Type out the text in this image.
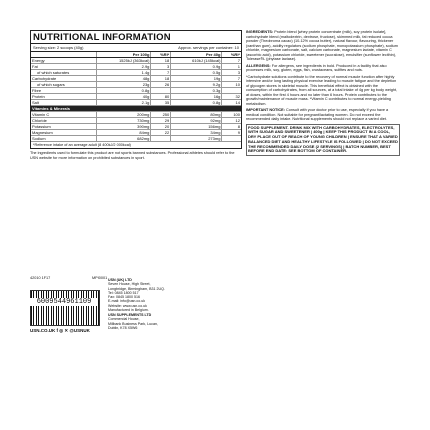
NUTRITIONAL INFORMATION
Serving size: 2 scoops (40g)	Approx. servings per container: 10
	Per 100g	%RI*	Per 40g	%RI*
Energy	1525kJ (363kcal)	18	610kJ (145kcal)	7
Fat	2.9g	3	0.9g	1
of which saturates	1.4g	7	0.5g	3
Carbohydrate	48g	18	19g	7
of which sugars	23g	26	9.2g	10
Fibre	0.8g		0.3g	
Protein	40g	80	16g	32
Salt	2.1g	35	0.8g	14
Vitamins & Minerals				
Vitamin C	200mg	250	80mg	100
Chloride	730mg	29	92mg	12
Potassium	390mg	20	156mg	8
Magnesium	84mg	22	34mg	9
Sodium	682mg		273mg	
*Reference intake of an average adult (8 400kJ/2 000kcal)
The ingredients used to formulate this product are not sports banned substances. Professional athletes should refer to the USN website for more information on prohibited substances in sport.
42010 1F17	MPI0001
6009544961109
USN (UK) LTD
Seven House, High Street,
Longbridge, Birmingham, B31 2UQ.
Tel: 0845 1800 517
Fax: 0845 1800 516
E-mail: info@usn.co.uk
Website: www.usn.co.uk
Manufactured in Belgium.
USN SUPPLEMENTS LTD
Commercial House,
Millbank Business Park, Lucan,
Dublin, K78 X5W6
USN.CO.UK f ◎ ✕ @USNUK

INGREDIENTS: Protein blend [whey protein concentrate (milk), soy protein isolate], carbohydrate blend (maltodextrin, dextrose, fructose), skimmed milk, fat reduced cocoa powder (Theobroma cacao) (10-12% cocoa butter), natural flavour, flavouring, thickener (xanthan gum), acidity regulators (sodium phosphate, monopotassium phosphate), sodium chloride, magnesium carbonate, salt, calcium carbonate, magnesium lactate, vitamin C (ascorbic acid), potassium chloride, sweetener (sucralose), emulsifier (sunflower lecithin), Tolerase®L (phytase lactase).

ALLERGENS: For allergens, see ingredients in bold. Produced in a facility that also processes milk, soy, gluten, eggs, fish, crustaceans, sulfites and nuts.

*Carbohydrate solutions contribute to the recovery of normal muscle function after highly intensive and/or long lasting physical exercise leading to muscle fatigue and the depletion of glycogen stores in skeletal muscle. This beneficial effect is obtained with the consumption of carbohydrates, from all sources, at a total intake of 4g per kg body weight, at doses, within the first 4 hours and no later than 6 hours. Protein contributes to the growth/maintenance of muscle mass. *Vitamin C contributes to normal energy-yielding metabolism.

IMPORTANT NOTICE: Consult with your doctor prior to use, especially if you have a medical condition. Not suitable for pregnant/lactating women. Do not exceed the recommended daily intake. Nutritional supplements should not replace a varied diet.

FOOD SUPPLEMENT. DRINK MIX WITH CARBOHYDRATES, ELECTROLYTES, WITH SUGAR AND SWEETENER | 400g | KEEP THIS PRODUCT IN A COOL, DRY PLACE OUT OF REACH OF YOUNG CHILDREN | ENSURE THAT A VARIED BALANCED DIET AND HEALTHY LIFESTYLE IS FOLLOWED | DO NOT EXCEED THE RECOMMENDED DAILY DOSE (2 SERVINGS) | BATCH NUMBER, BEST BEFORE END DATE: SEE BOTTOM OF CONTAINER.
